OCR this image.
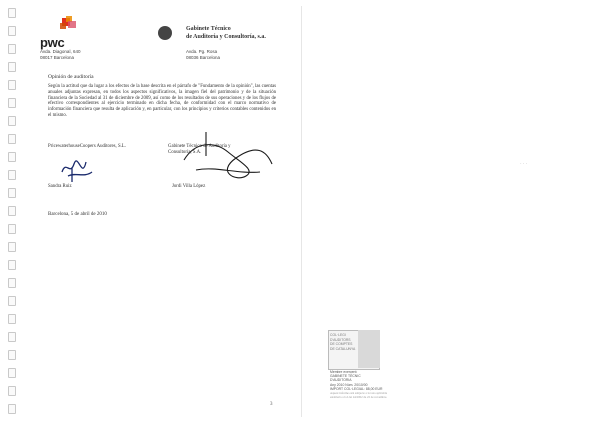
pwc
Avda. Diagonal, 640
08017 Barcelona
Gabinete Técnico
de Auditoría y Consultoría, s.a.
Avda. Pg. Rosa
08036 Barcelona
Opinión de auditoría
Según la actitud que da lugar a los efectos de la base descrita en el párrafo de "Fundamento de la opinión", las cuentas anuales adjuntas expresan, en todos los aspectos significativos, la imagen fiel del patrimonio y de la situación financiera de la Sociedad al 31 de diciembre de 2009, así como de los resultados de sus operaciones y de los flujos de efectivo correspondientes al ejercicio terminado en dicha fecha, de conformidad con el marco normativo de información financiera que resulta de aplicación y, en particular, con los principios y criterios contables contenidos en el mismo.
PricewaterhouseCoopers Auditores, S.L.	Gabinete Técnico de Auditoría y Consultoría, S.A.
Sandra Ruiz	Jordi Villa López
Barcelona, 5 de abril de 2010
3
· · ·
COL·LEGI
D'AUDITORS
DE COMPTES
DE CATALUNYA
Membre exercent:
GABINETE TÈCNIC
D'AUDITORIA
Any 2010 Núm. 20/10/00
IMPORT COL·LEGIAL: 88,00 EUR
Aquest informe està subjecte a la taxa aplicable establerta a la Llei 44/2002 de 22 de novembre.
